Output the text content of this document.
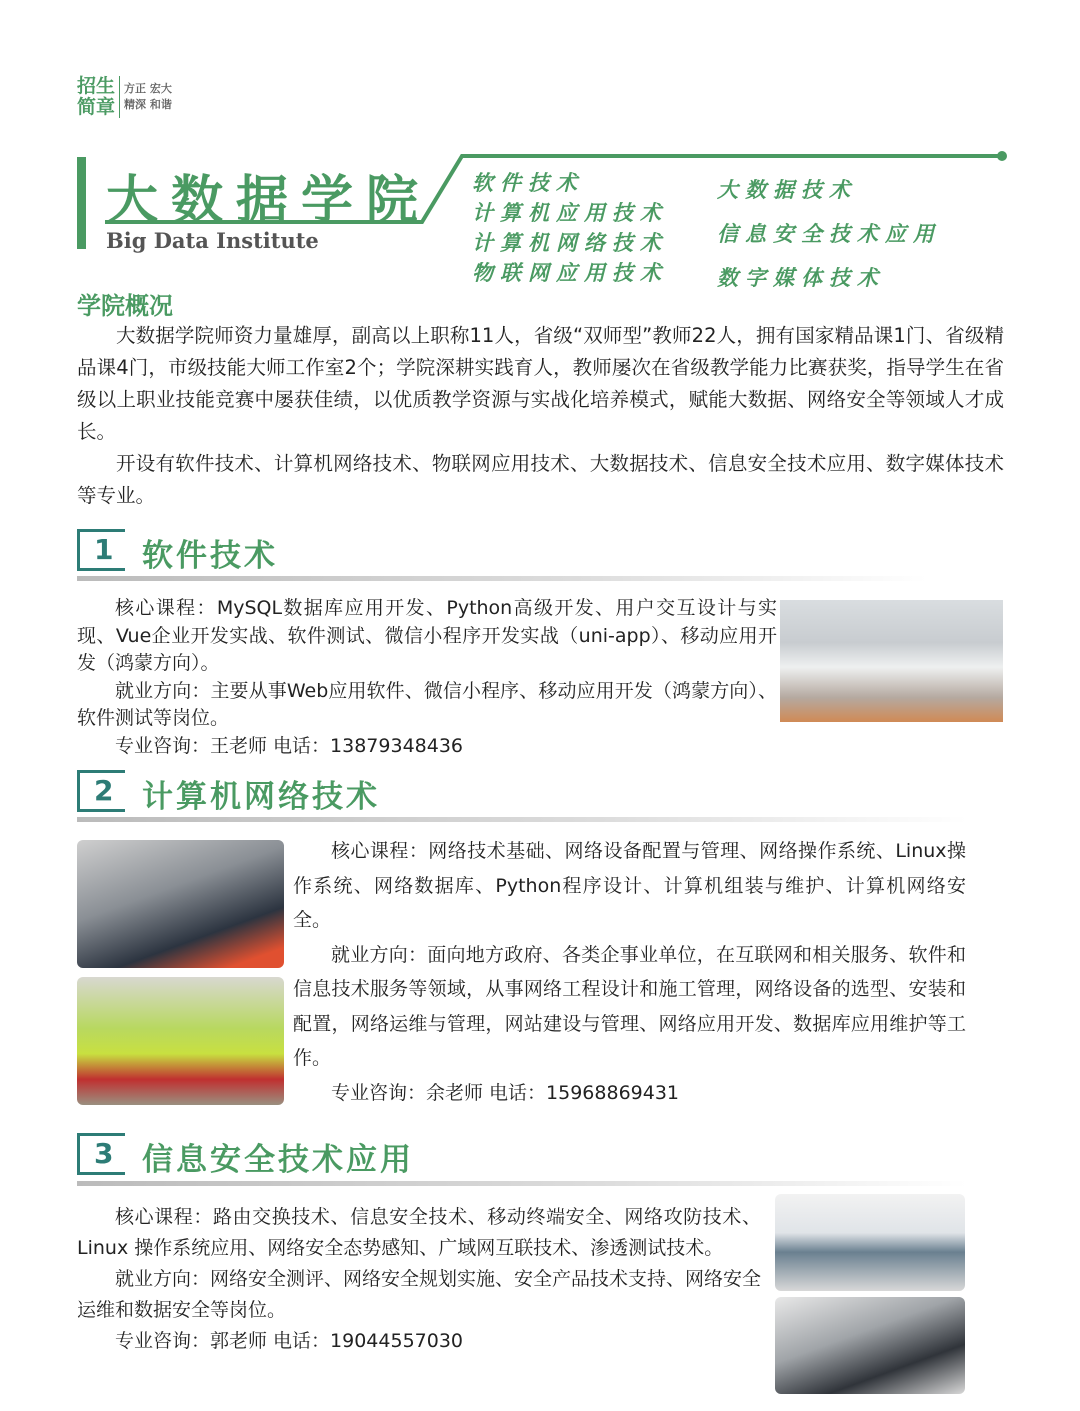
招生
简章
方正 宏大
精深 和谐
大数据学院
Big Data Institute
软件技术
计算机应用技术
计算机网络技术
物联网应用技术
大数据技术
信息安全技术应用
数字媒体技术
学院概况

大数据学院师资力量雄厚，副高以上职称11人，省级“双师型”教师22人，拥有国家精品课1门、省级精品课4门，市级技能大师工作室2个；学院深耕实践育人，教师屡次在省级教学能力比赛获奖，指导学生在省级以上职业技能竞赛中屡获佳绩，以优质教学资源与实战化培养模式，赋能大数据、网络安全等领域人才成长。

开设有软件技术、计算机网络技术、物联网应用技术、大数据技术、信息安全技术应用、数字媒体技术等专业。

1 软件技术

核心课程：MySQL数据库应用开发、Python高级开发、用户交互设计与实现、Vue企业开发实战、软件测试、微信小程序开发实战（uni-app）、移动应用开发（鸿蒙方向）。

就业方向：主要从事Web应用软件、微信小程序、移动应用开发（鸿蒙方向）、软件测试等岗位。

专业咨询：王老师 电话：13879348436

2 计算机网络技术

核心课程：网络技术基础、网络设备配置与管理、网络操作系统、Linux操作系统、网络数据库、Python程序设计、计算机组装与维护、计算机网络安全。

就业方向：面向地方政府、各类企事业单位，在互联网和相关服务、软件和信息技术服务等领域，从事网络工程设计和施工管理，网络设备的选型、安装和配置，网络运维与管理，网站建设与管理、网络应用开发、数据库应用维护等工作。

专业咨询：余老师 电话：15968869431

3 信息安全技术应用

核心课程：路由交换技术、信息安全技术、移动终端安全、网络攻防技术、Linux 操作系统应用、网络安全态势感知、广域网互联技术、渗透测试技术。

就业方向：网络安全测评、网络安全规划实施、安全产品技术支持、网络安全运维和数据安全等岗位。

专业咨询：郭老师 电话：19044557030
